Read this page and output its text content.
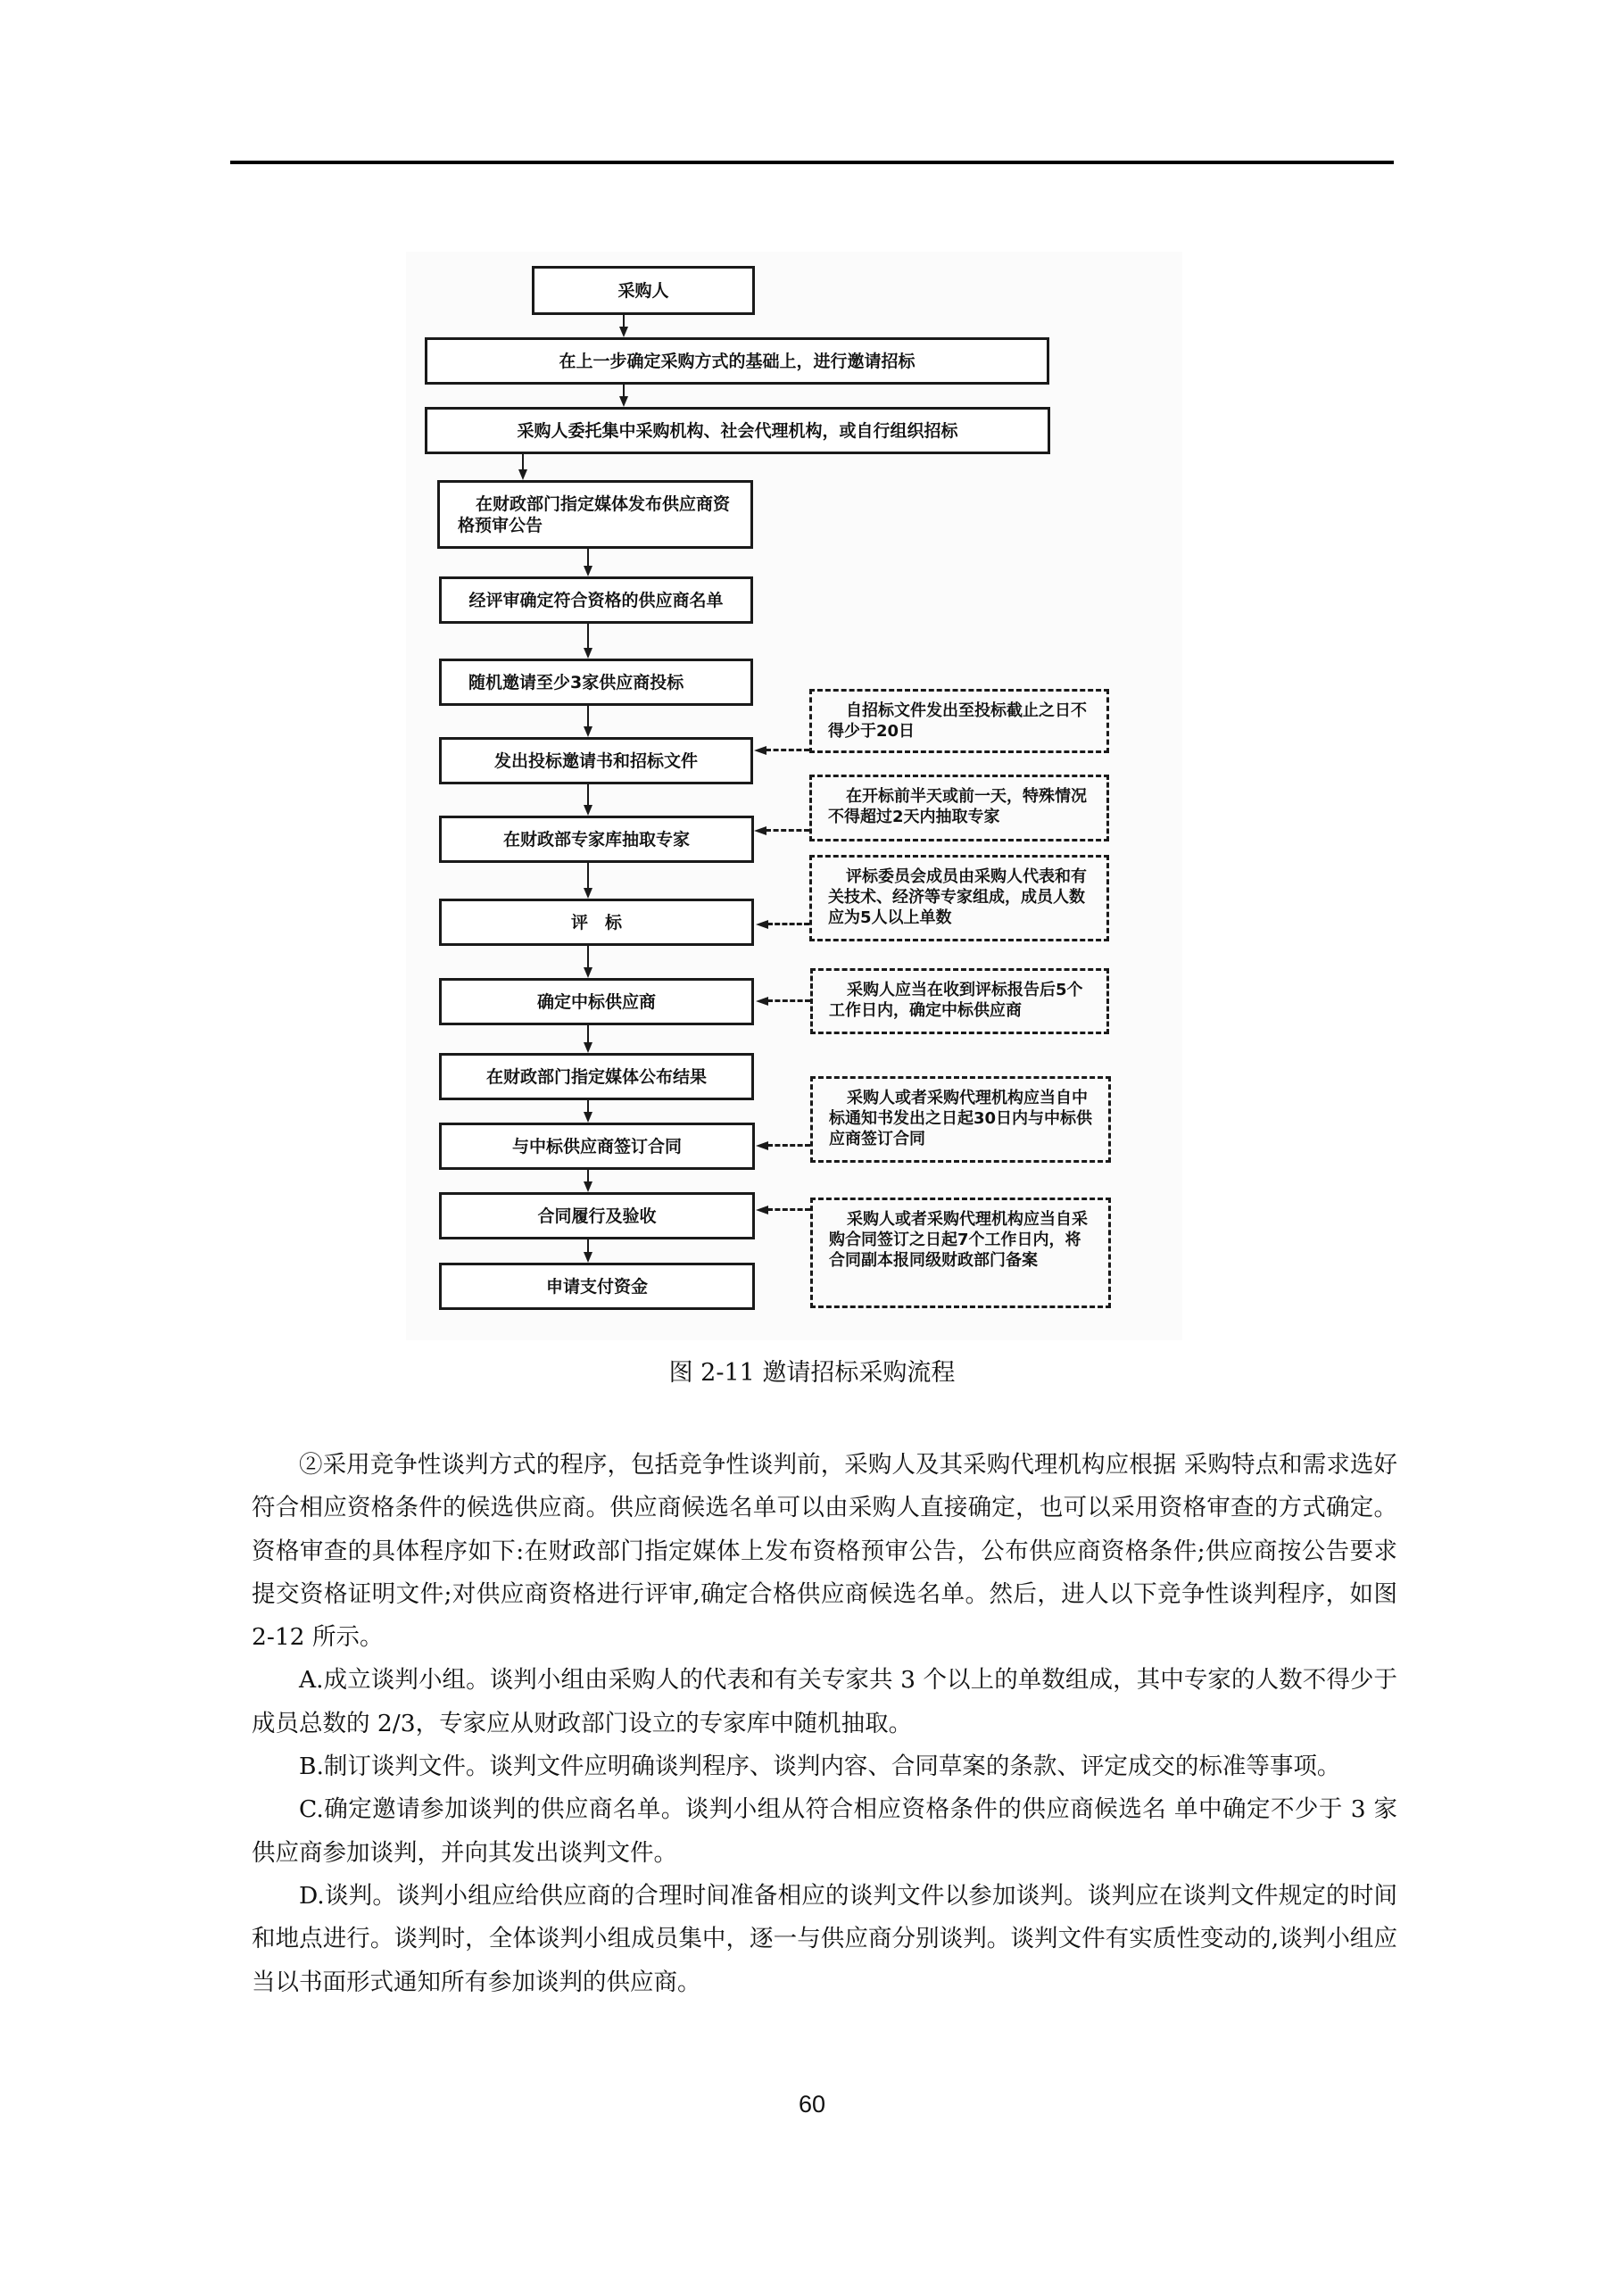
采购人
在上一步确定采购方式的基础上，进行邀请招标
采购人委托集中采购机构、社会代理机构，或自行组织招标
在财政部门指定媒体发布供应商资格预审公告
经评审确定符合资格的供应商名单
随机邀请至少3家供应商投标
发出投标邀请书和招标文件
在财政部专家库抽取专家
评　标
确定中标供应商
在财政部门指定媒体公布结果
与中标供应商签订合同
合同履行及验收
申请支付资金
自招标文件发出至投标截止之日不得少于20日
在开标前半天或前一天，特殊情况不得超过2天内抽取专家
评标委员会成员由采购人代表和有关技术、经济等专家组成，成员人数应为5人以上单数
采购人应当在收到评标报告后5个工作日内，确定中标供应商
采购人或者采购代理机构应当自中标通知书发出之日起30日内与中标供应商签订合同
采购人或者采购代理机构应当自采购合同签订之日起7个工作日内，将合同副本报同级财政部门备案
图 2-11 邀请招标采购流程

②采用竞争性谈判方式的程序，包括竞争性谈判前，采购人及其采购代理机构应根据 采购特点和需求选好符合相应资格条件的候选供应商。供应商候选名单可以由采购人直接确定，也可以采用资格审查的方式确定。资格审查的具体程序如下:在财政部门指定媒体上发布资格预审公告，公布供应商资格条件;供应商按公告要求提交资格证明文件;对供应商资格进行评审,确定合格供应商候选名单。然后，进人以下竞争性谈判程序，如图 2-12 所示。

A.成立谈判小组。谈判小组由采购人的代表和有关专家共 3 个以上的单数组成，其中专家的人数不得少于成员总数的 2/3，专家应从财政部门设立的专家库中随机抽取。

B.制订谈判文件。谈判文件应明确谈判程序、谈判内容、合同草案的条款、评定成交的标准等事项。

C.确定邀请参加谈判的供应商名单。谈判小组从符合相应资格条件的供应商候选名 单中确定不少于 3 家供应商参加谈判，并向其发出谈判文件。

D.谈判。谈判小组应给供应商的合理时间准备相应的谈判文件以参加谈判。谈判应在谈判文件规定的时间和地点进行。谈判时，全体谈判小组成员集中，逐一与供应商分别谈判。谈判文件有实质性变动的,谈判小组应当以书面形式通知所有参加谈判的供应商。

60
